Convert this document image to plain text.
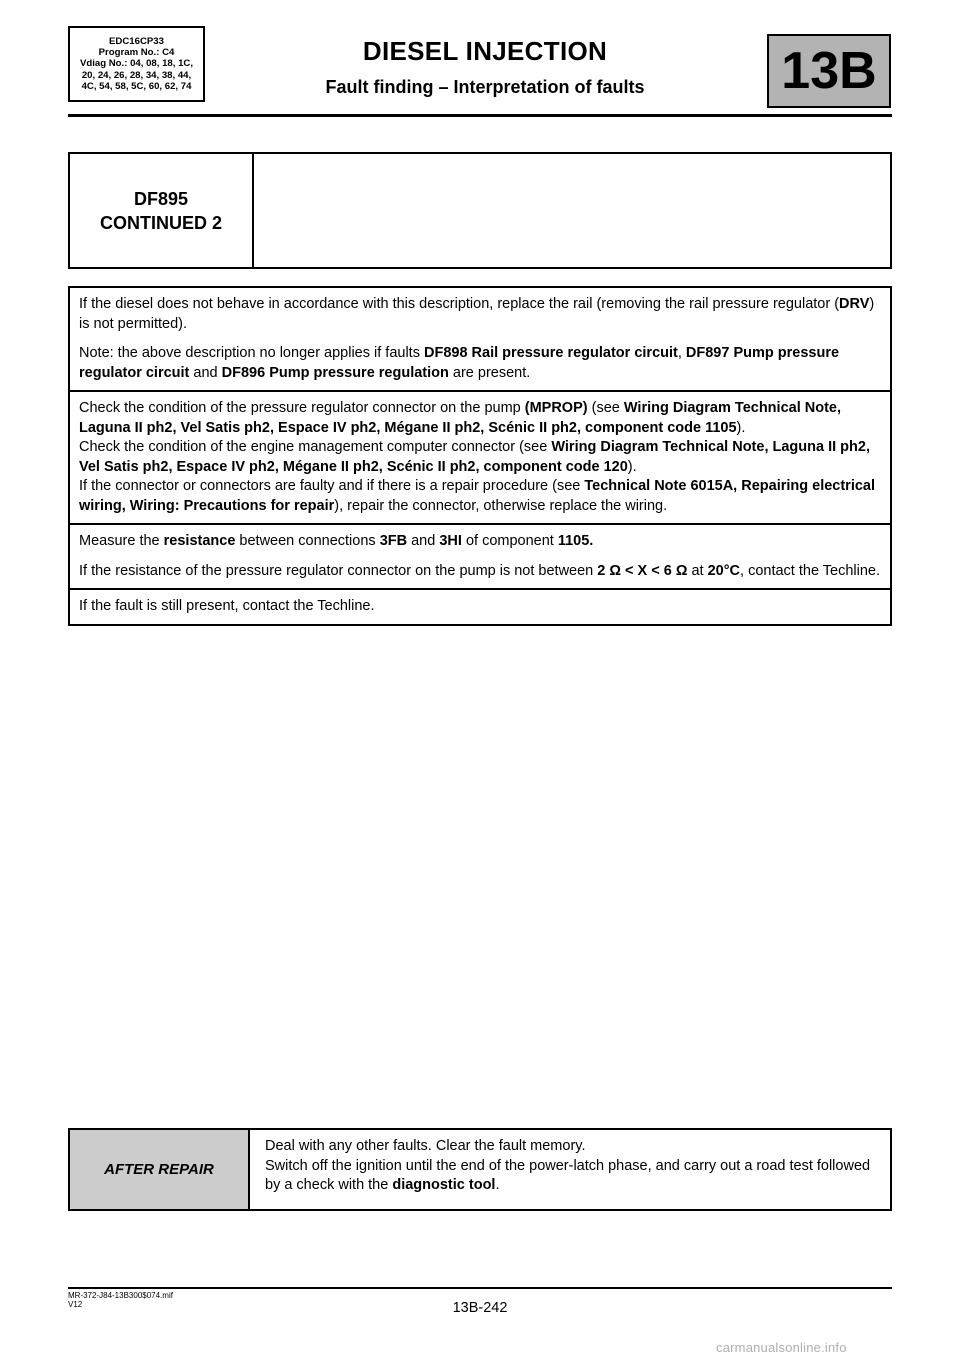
EDC16CP33
Program No.: C4
Vdiag No.: 04, 08, 18, 1C,
20, 24, 26, 28, 34, 38, 44,
4C, 54, 58, 5C, 60, 62, 74
DIESEL INJECTION
Fault finding – Interpretation of faults	13B
DF895
CONTINUED 2

If the diesel does not behave in accordance with this description, replace the rail (removing the rail pressure regulator (DRV) is not permitted).

Note: the above description no longer applies if faults DF898 Rail pressure regulator circuit, DF897 Pump pressure regulator circuit and DF896 Pump pressure regulation are present.

Check the condition of the pressure regulator connector on the pump (MPROP) (see Wiring Diagram Technical Note, Laguna II ph2, Vel Satis ph2, Espace IV ph2, Mégane II ph2, Scénic II ph2, component code 1105).
Check the condition of the engine management computer connector (see Wiring Diagram Technical Note, Laguna II ph2, Vel Satis ph2, Espace IV ph2, Mégane II ph2, Scénic II ph2, component code 120).
If the connector or connectors are faulty and if there is a repair procedure (see Technical Note 6015A, Repairing electrical wiring, Wiring: Precautions for repair), repair the connector, otherwise replace the wiring.

Measure the resistance between connections 3FB and 3HI of component 1105.

If the resistance of the pressure regulator connector on the pump is not between 2 Ω < X < 6 Ω at 20°C, contact the Techline.

If the fault is still present, contact the Techline.
AFTER REPAIR	
Deal with any other faults. Clear the fault memory.
Switch off the ignition until the end of the power-latch phase, and carry out a road test followed by a check with the diagnostic tool.
MR-372-J84-13B300$074.mif
V12	13B-242
carmanualsonline.info
